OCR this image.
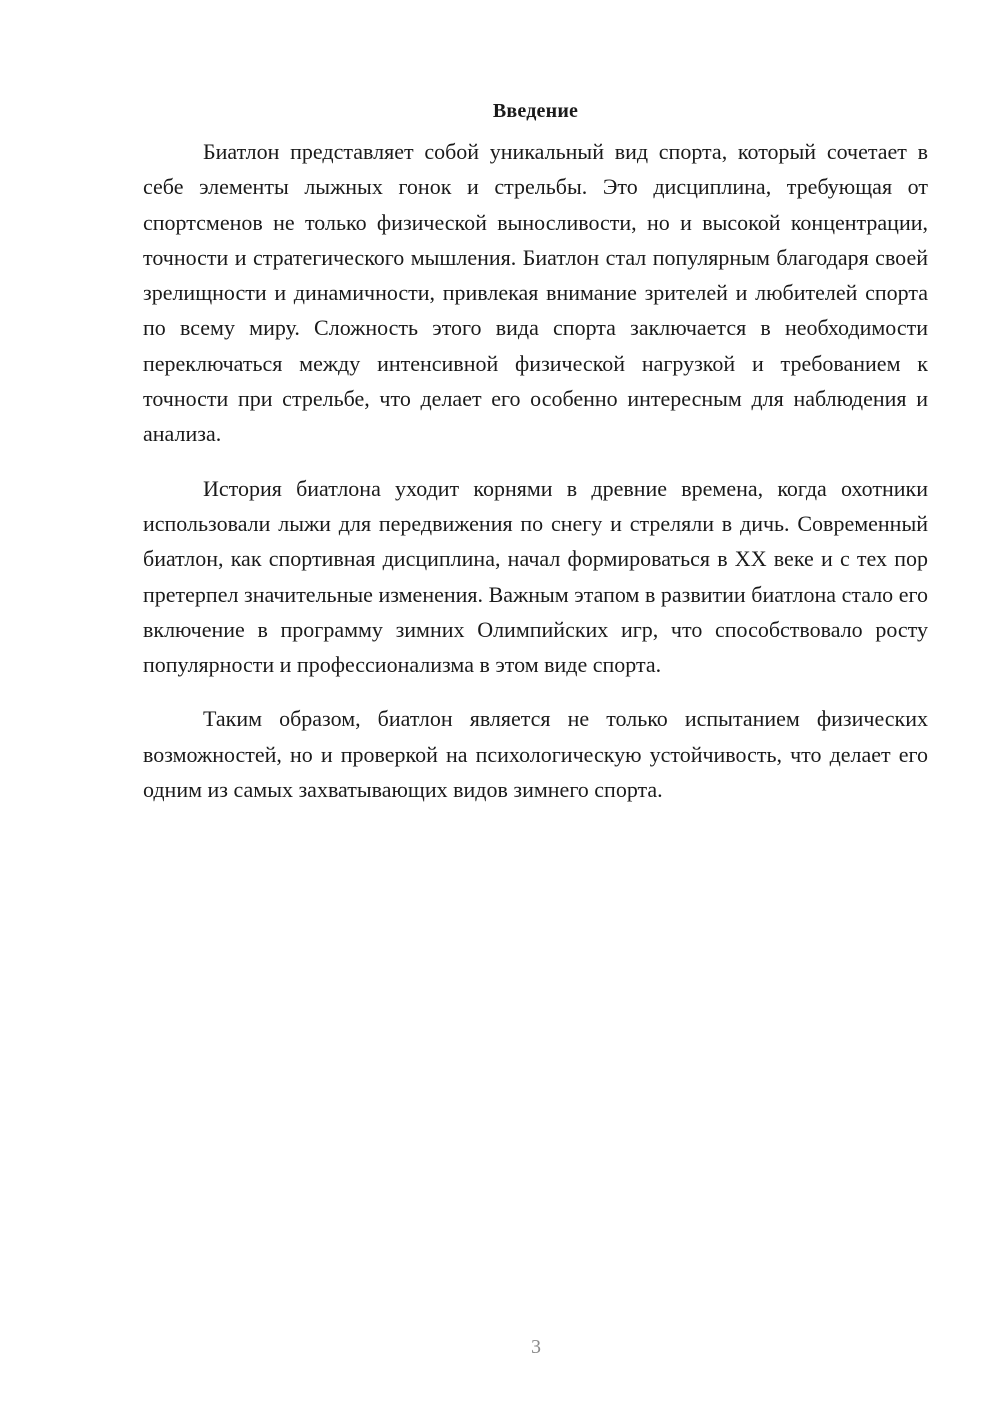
Введение

Биатлон представляет собой уникальный вид спорта, который сочетает в себе элементы лыжных гонок и стрельбы. Это дисциплина, требующая от спортсменов не только физической выносливости, но и высокой концентрации, точности и стратегического мышления. Биатлон стал популярным благодаря своей зрелищности и динамичности, привлекая внимание зрителей и любителей спорта по всему миру. Сложность этого вида спорта заключается в необходимости переключаться между интенсивной физической нагрузкой и требованием к точности при стрельбе, что делает его особенно интересным для наблюдения и анализа.

История биатлона уходит корнями в древние времена, когда охотники использовали лыжи для передвижения по снегу и стреляли в дичь. Современный биатлон, как спортивная дисциплина, начал формироваться в XX веке и с тех пор претерпел значительные изменения. Важным этапом в развитии биатлона стало его включение в программу зимних Олимпийских игр, что способствовало росту популярности и профессионализма в этом виде спорта.

Таким образом, биатлон является не только испытанием физических возможностей, но и проверкой на психологическую устойчивость, что делает его одним из самых захватывающих видов зимнего спорта.

3
